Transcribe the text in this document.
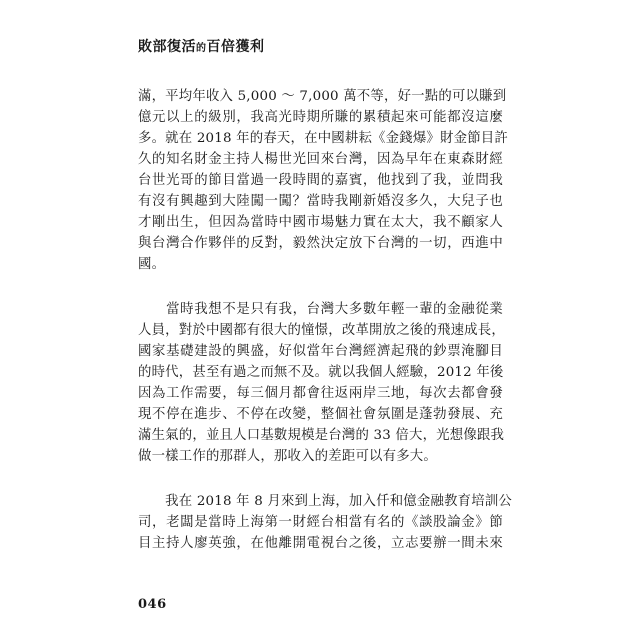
敗部復活的百倍獲利
滿，平均年收入 5,000 ～ 7,000 萬不等，好一點的可以賺到
億元以上的級別，我高光時期所賺的累積起來可能都沒這麼
多。就在 2018 年的春天，在中國耕耘《金錢爆》財金節目許
久的知名財金主持人楊世光回來台灣，因為早年在東森財經
台世光哥的節目當過一段時間的嘉賓，他找到了我，並問我
有沒有興趣到大陸闖一闖？當時我剛新婚沒多久，大兒子也
才剛出生，但因為當時中國市場魅力實在太大，我不顧家人
與台灣合作夥伴的反對，毅然決定放下台灣的一切，西進中
國。
　　當時我想不是只有我，台灣大多數年輕一輩的金融從業
人員，對於中國都有很大的憧憬，改革開放之後的飛速成長，
國家基礎建設的興盛，好似當年台灣經濟起飛的鈔票淹腳目
的時代，甚至有過之而無不及。就以我個人經驗，2012 年後
因為工作需要，每三個月都會往返兩岸三地，每次去都會發
現不停在進步、不停在改變，整個社會氛圍是蓬勃發展、充
滿生氣的，並且人口基數規模是台灣的 33 倍大，光想像跟我
做一樣工作的那群人，那收入的差距可以有多大。
　　我在 2018 年 8 月來到上海，加入仟和億金融教育培訓公
司，老闆是當時上海第一財經台相當有名的《談股論金》節
目主持人廖英強，在他離開電視台之後，立志要辦一間未來
046
